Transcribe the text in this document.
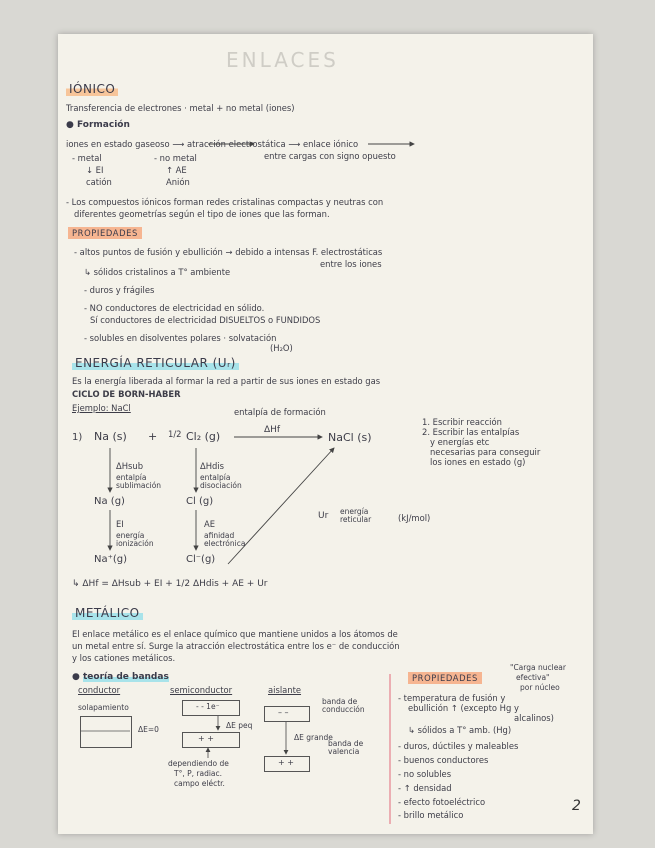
ENLACES
IÓNICO
Transferencia de electrones · metal + no metal (iones)
● Formación
iones en estado gaseoso ⟶ atracción electrostática ⟶ enlace iónico
entre cargas con signo opuesto
- metal
↓ EI
catión
- no metal
↑ AE
Anión
- Los compuestos iónicos forman redes cristalinas compactas y neutras con
diferentes geometrías según el tipo de iones que las forman.
PROPIEDADES
- altos puntos de fusión y ebullición → debido a intensas F. electrostáticas
entre los iones
↳ sólidos cristalinos a T° ambiente
- duros y frágiles
- NO conductores de electricidad en sólido.
Sí conductores de electricidad DISUELTOS o FUNDIDOS
- solubles en disolventes polares · solvatación
(H₂O)
ENERGÍA RETICULAR (Uᵣ)
Es la energía liberada al formar la red a partir de sus iones en estado gas
CICLO DE BORN-HABER
Ejemplo: NaCl	entalpía de formación
ΔHf
1) Na (s) + 1/2 Cl₂ (g)	NaCl (s)
ΔHsub
entalpía sublimación
ΔHdis
entalpía disociación
Na (g)	Cl (g)
EI
energía ionización
AE
afinidad electrónica
Na⁺(g)	Cl⁻(g)
Ur energía reticular	(kJ/mol)
1. Escribir reacción
2. Escribir las entalpías
y energías etc
necesarias para conseguir
los iones en estado (g)
↳ ΔHf = ΔHsub + EI + 1/2 ΔHdis + AE + Ur
METÁLICO
El enlace metálico es el enlace químico que mantiene unidos a los átomos de
un metal entre sí. Surge la atracción electrostática entre los e⁻ de conducción
y los cationes metálicos.
● teoría de bandas
conductor
solapamiento
ΔE=0
semiconductor
- - 1e⁻
ΔE peq
+ +
dependiendo de
T°, P, radiac.
campo eléctr.
aislante
– –
banda de conducción
ΔE grande
+ +
banda de valencia
PROPIEDADES
"Carga nuclear
efectiva"
por núcleo
- temperatura de fusión y
ebullición ↑ (excepto Hg y
alcalinos)
↳ sólidos a T° amb. (Hg)
- duros, dúctiles y maleables
- buenos conductores
- no solubles
- ↑ densidad
- efecto fotoeléctrico
- brillo metálico
2
